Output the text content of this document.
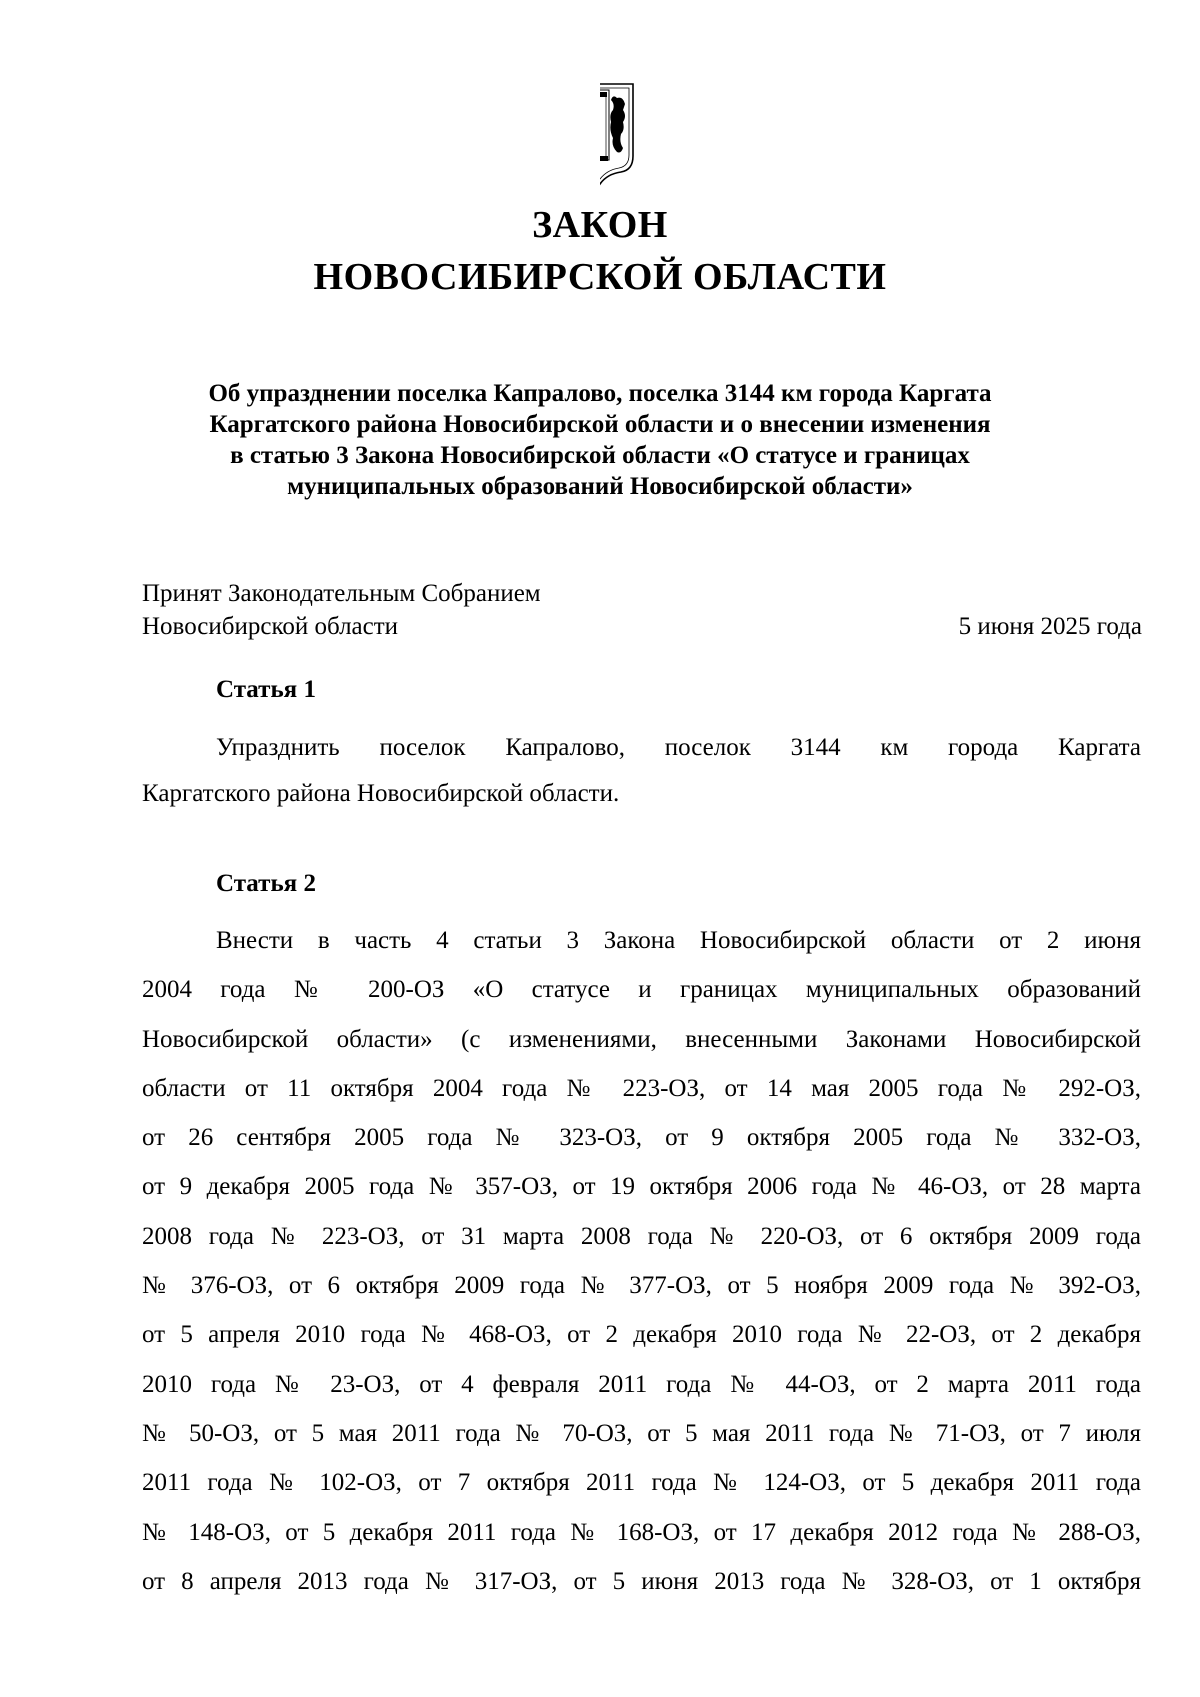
ЗАКОН
НОВОСИБИРСКОЙ ОБЛАСТИ
Об упразднении поселка Капралово, поселка 3144 км города Каргата
Каргатского района Новосибирской области и о внесении изменения
в статью 3 Закона Новосибирской области «О статусе и границах
муниципальных образований Новосибирской области»
Принят Законодательным Собранием
Новосибирской области	5 июня 2025 года
Статья 1
Упразднить поселок Капралово, поселок 3144 км города Каргата
Каргатского района Новосибирской области.
Статья 2
Внести в часть 4 статьи 3 Закона Новосибирской области от 2 июня
2004 года № 200-ОЗ «О статусе и границах муниципальных образований
Новосибирской области» (с изменениями, внесенными Законами Новосибирской
области от 11 октября 2004 года № 223-ОЗ, от 14 мая 2005 года № 292-ОЗ,
от 26 сентября 2005 года № 323-ОЗ, от 9 октября 2005 года № 332-ОЗ,
от 9 декабря 2005 года № 357-ОЗ, от 19 октября 2006 года № 46-ОЗ, от 28 марта
2008 года № 223-ОЗ, от 31 марта 2008 года № 220-ОЗ, от 6 октября 2009 года
№ 376-ОЗ, от 6 октября 2009 года № 377-ОЗ, от 5 ноября 2009 года № 392-ОЗ,
от 5 апреля 2010 года № 468-ОЗ, от 2 декабря 2010 года № 22-ОЗ, от 2 декабря
2010 года № 23-ОЗ, от 4 февраля 2011 года № 44-ОЗ, от 2 марта 2011 года
№ 50-ОЗ, от 5 мая 2011 года № 70-ОЗ, от 5 мая 2011 года № 71-ОЗ, от 7 июля
2011 года № 102-ОЗ, от 7 октября 2011 года № 124-ОЗ, от 5 декабря 2011 года
№ 148-ОЗ, от 5 декабря 2011 года № 168-ОЗ, от 17 декабря 2012 года № 288-ОЗ,
от 8 апреля 2013 года № 317-ОЗ, от 5 июня 2013 года № 328-ОЗ, от 1 октября
